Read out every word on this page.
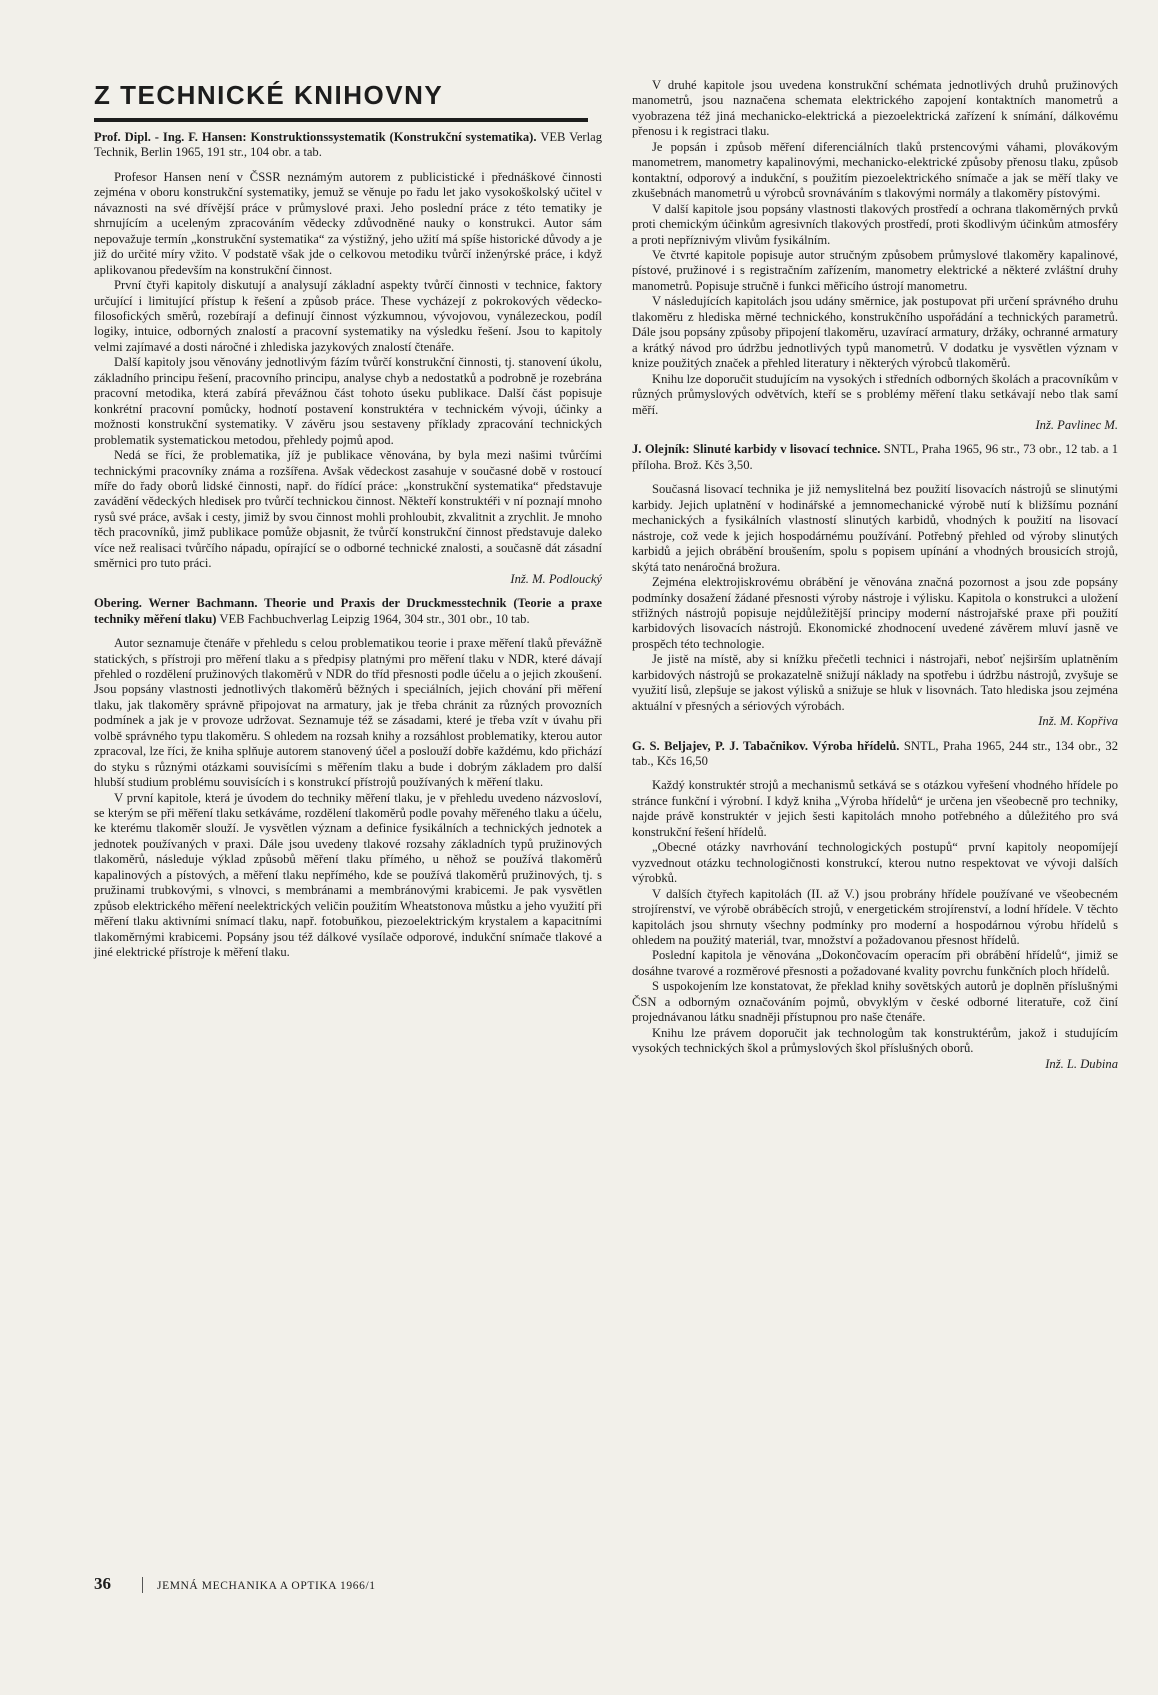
Z TECHNICKÉ KNIHOVNY

Prof. Dipl. - Ing. F. Hansen: Konstruktionssystematik (Konstrukční systematika). VEB Verlag Technik, Berlin 1965, 191 str., 104 obr. a tab.

Profesor Hansen není v ČSSR neznámým autorem z publicistické i přednáškové činnosti zejména v oboru konstrukční systematiky, jemuž se věnuje po řadu let jako vysokoškolský učitel v návaznosti na své dřívější práce v průmyslové praxi. Jeho poslední práce z této tematiky je shrnujícím a uceleným zpracováním vědecky zdůvodněné nauky o konstrukci. Autor sám nepovažuje termín „konstrukční systematika“ za výstižný, jeho užití má spíše historické důvody a je již do určité míry vžito. V podstatě však jde o celkovou metodiku tvůrčí inženýrské práce, i když aplikovanou především na konstrukční činnost.

První čtyři kapitoly diskutují a analysují základní aspekty tvůrčí činnosti v technice, faktory určující i limitující přístup k řešení a způsob práce. These vycházejí z pokrokových vědecko-filosofických směrů, rozebírají a definují činnost výzkumnou, vývojovou, vynálezeckou, podíl logiky, intuice, odborných znalostí a pracovní systematiky na výsledku řešení. Jsou to kapitoly velmi zajímavé a dosti náročné i zhlediska jazykových znalostí čtenáře.

Další kapitoly jsou věnovány jednotlivým fázím tvůrčí konstrukční činnosti, tj. stanovení úkolu, základního principu řešení, pracovního principu, analyse chyb a nedostatků a podrobně je rozebrána pracovní metodika, která zabírá převážnou část tohoto úseku publikace. Další část popisuje konkrétní pracovní pomůcky, hodnotí postavení konstruktéra v technickém vývoji, účinky a možnosti konstrukční systematiky. V závěru jsou sestaveny příklady zpracování technických problematik systematickou metodou, přehledy pojmů apod.

Nedá se říci, že problematika, jíž je publikace věnována, by byla mezi našimi tvůrčími technickými pracovníky známa a rozšířena. Avšak vědeckost zasahuje v současné době v rostoucí míře do řady oborů lidské činnosti, např. do řídící práce: „konstrukční systematika“ představuje zavádění vědeckých hledisek pro tvůrčí technickou činnost. Někteří konstruktéři v ní poznají mnoho rysů své práce, avšak i cesty, jimiž by svou činnost mohli prohloubit, zkvalitnit a zrychlit. Je mnoho těch pracovníků, jimž publikace pomůže objasnit, že tvůrčí konstrukční činnost představuje daleko více než realisaci tvůrčího nápadu, opírající se o odborné technické znalosti, a současně dát zásadní směrnici pro tuto práci.

Inž. M. Podloucký

Obering. Werner Bachmann. Theorie und Praxis der Druckmesstechnik (Teorie a praxe techniky měření tlaku) VEB Fachbuchverlag Leipzig 1964, 304 str., 301 obr., 10 tab.

Autor seznamuje čtenáře v přehledu s celou problematikou teorie i praxe měření tlaků převážně statických, s přístroji pro měření tlaku a s předpisy platnými pro měření tlaku v NDR, které dávají přehled o rozdělení pružinových tlakoměrů v NDR do tříd přesnosti podle účelu a o jejich zkoušení. Jsou popsány vlastnosti jednotlivých tlakoměrů běžných i speciálních, jejich chování při měření tlaku, jak tlakoměry správně připojovat na armatury, jak je třeba chránit za různých provozních podmínek a jak je v provoze udržovat. Seznamuje též se zásadami, které je třeba vzít v úvahu při volbě správného typu tlakoměru. S ohledem na rozsah knihy a rozsáhlost problematiky, kterou autor zpracoval, lze říci, že kniha splňuje autorem stanovený účel a poslouží dobře každému, kdo přichází do styku s různými otázkami souvisícími s měřením tlaku a bude i dobrým základem pro další hlubší studium problému souvisících i s konstrukcí přístrojů používaných k měření tlaku.

V první kapitole, která je úvodem do techniky měření tlaku, je v přehledu uvedeno názvosloví, se kterým se při měření tlaku setkáváme, rozdělení tlakoměrů podle povahy měřeného tlaku a účelu, ke kterému tlakoměr slouží. Je vysvětlen význam a definice fysikálních a technických jednotek a jednotek používaných v praxi. Dále jsou uvedeny tlakové rozsahy základních typů pružinových tlakoměrů, následuje výklad způsobů měření tlaku přímého, u něhož se používá tlakoměrů kapalinových a pístových, a měření tlaku nepřímého, kde se používá tlakoměrů pružinových, tj. s pružinami trubkovými, s vlnovci, s membránami a membránovými krabicemi. Je pak vysvětlen způsob elektrického měření neelektrických veličin použitím Wheatstonova můstku a jeho využití při měření tlaku aktivními snímací tlaku, např. fotobuňkou, piezoelektrickým krystalem a kapacitními tlakoměrnými krabicemi. Popsány jsou též dálkové vysílače odporové, indukční snímače tlakové a jiné elektrické přístroje k měření tlaku.

V druhé kapitole jsou uvedena konstrukční schémata jednotlivých druhů pružinových manometrů, jsou naznačena schemata elektrického zapojení kontaktních manometrů a vyobrazena též jiná mechanicko-elektrická a piezoelektrická zařízení k snímání, dálkovému přenosu i k registraci tlaku.

Je popsán i způsob měření diferenciálních tlaků prstencovými váhami, plovákovým manometrem, manometry kapalinovými, mechanicko-elektrické způsoby přenosu tlaku, způsob kontaktní, odporový a indukční, s použitím piezoelektrického snímače a jak se měří tlaky ve zkušebnách manometrů u výrobců srovnáváním s tlakovými normály a tlakoměry pístovými.

V další kapitole jsou popsány vlastnosti tlakových prostředí a ochrana tlakoměrných prvků proti chemickým účinkům agresivních tlakových prostředí, proti škodlivým účinkům atmosféry a proti nepříznivým vlivům fysikálním.

Ve čtvrté kapitole popisuje autor stručným způsobem průmyslové tlakoměry kapalinové, pístové, pružinové i s registračním zařízením, manometry elektrické a některé zvláštní druhy manometrů. Popisuje stručně i funkci měřicího ústrojí manometru.

V následujících kapitolách jsou udány směrnice, jak postupovat při určení správného druhu tlakoměru z hlediska měrné technického, konstrukčního uspořádání a technických parametrů. Dále jsou popsány způsoby připojení tlakoměru, uzavírací armatury, držáky, ochranné armatury a krátký návod pro údržbu jednotlivých typů manometrů. V dodatku je vysvětlen význam v knize použitých značek a přehled literatury i některých výrobců tlakoměrů.

Knihu lze doporučit studujícím na vysokých i středních odborných školách a pracovníkům v různých průmyslových odvětvích, kteří se s problémy měření tlaku setkávají nebo tlak samí měří.

Inž. Pavlinec M.

J. Olejník: Slinuté karbidy v lisovací technice. SNTL, Praha 1965, 96 str., 73 obr., 12 tab. a 1 příloha. Brož. Kčs 3,50.

Současná lisovací technika je již nemyslitelná bez použití lisovacích nástrojů se slinutými karbidy. Jejich uplatnění v hodinářské a jemnomechanické výrobě nutí k bližšímu poznání mechanických a fysikálních vlastností slinutých karbidů, vhodných k použití na lisovací nástroje, což vede k jejich hospodárnému používání. Potřebný přehled od výroby slinutých karbidů a jejich obrábění broušením, spolu s popisem upínání a vhodných brousicích strojů, skýtá tato nenáročná brožura.

Zejména elektrojiskrovému obrábění je věnována značná pozornost a jsou zde popsány podmínky dosažení žádané přesnosti výroby nástroje i výlisku. Kapitola o konstrukci a uložení střižných nástrojů popisuje nejdůležitější principy moderní nástrojařské praxe při použití karbidových lisovacích nástrojů. Ekonomické zhodnocení uvedené závěrem mluví jasně ve prospěch této technologie.

Je jistě na místě, aby si knížku přečetli technici i nástrojaři, neboť nejširším uplatněním karbidových nástrojů se prokazatelně snižují náklady na spotřebu i údržbu nástrojů, zvyšuje se využití lisů, zlepšuje se jakost výlisků a snižuje se hluk v lisovnách. Tato hlediska jsou zejména aktuální v přesných a sériových výrobách.

Inž. M. Kopřiva

G. S. Beljajev, P. J. Tabačnikov. Výroba hřídelů. SNTL, Praha 1965, 244 str., 134 obr., 32 tab., Kčs 16,50

Každý konstruktér strojů a mechanismů setkává se s otázkou vyřešení vhodného hřídele po stránce funkční i výrobní. I když kniha „Výroba hřídelů“ je určena jen všeobecně pro techniky, najde právě konstruktér v jejich šesti kapitolách mnoho potřebného a důležitého pro svá konstrukční řešení hřídelů.

„Obecné otázky navrhování technologických postupů“ první kapitoly neopomíjejí vyzvednout otázku technologičnosti konstrukcí, kterou nutno respektovat ve vývoji dalších výrobků.

V dalších čtyřech kapitolách (II. až V.) jsou probrány hřídele používané ve všeobecném strojírenství, ve výrobě obráběcích strojů, v energetickém strojírenství, a lodní hřídele. V těchto kapitolách jsou shrnuty všechny podmínky pro moderní a hospodárnou výrobu hřídelů s ohledem na použitý materiál, tvar, množství a požadovanou přesnost hřídelů.

Poslední kapitola je věnována „Dokončovacím operacím při obrábění hřídelů“, jimiž se dosáhne tvarové a rozměrové přesnosti a požadované kvality povrchu funkčních ploch hřídelů.

S uspokojením lze konstatovat, že překlad knihy sovětských autorů je doplněn příslušnými ČSN a odborným označováním pojmů, obvyklým v české odborné literatuře, což činí projednávanou látku snadněji přístupnou pro naše čtenáře.

Knihu lze právem doporučit jak technologům tak konstruktérům, jakož i studujícím vysokých technických škol a průmyslových škol příslušných oborů.

Inž. L. Dubina
36	JEMNÁ MECHANIKA A OPTIKA 1966/1
